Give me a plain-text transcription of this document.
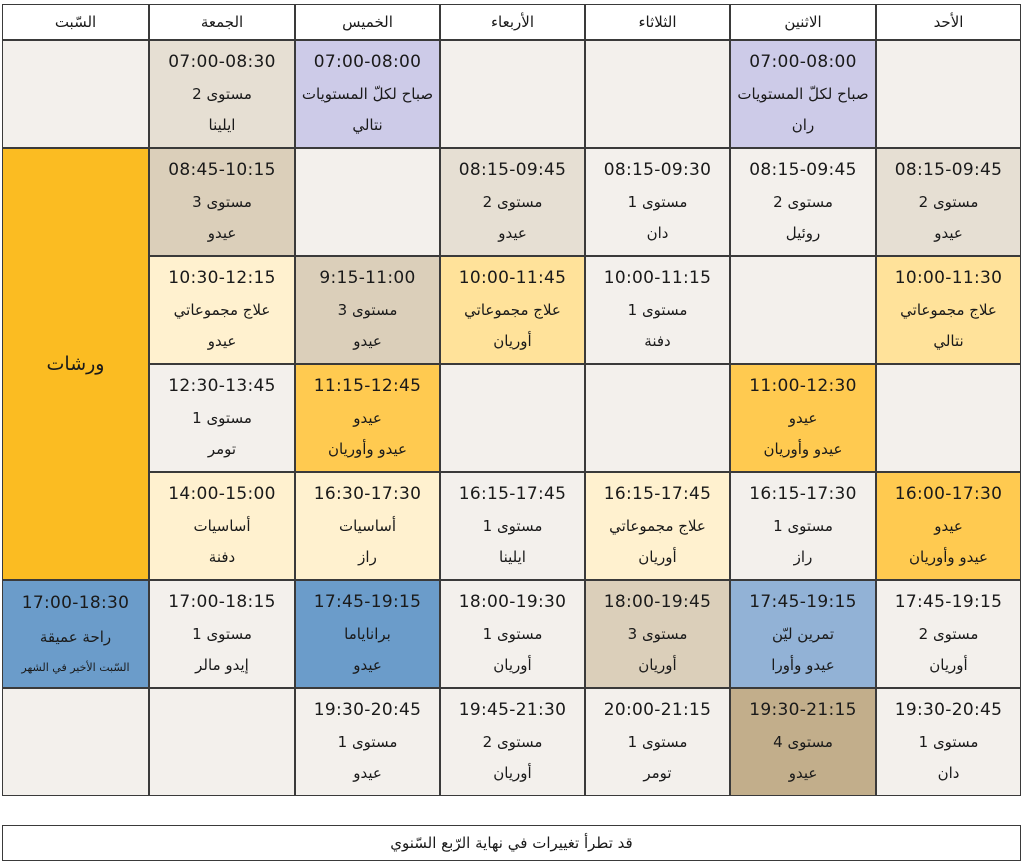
الأحد
الاثنين
الثلاثاء
الأربعاء
الخميس
الجمعة
السّبت
07:00-08:00
صباح لكلّ المستويات
ران
07:00-08:00
صباح لكلّ المستويات
نتالي
07:00-08:30
مستوى 2
ايلينا
08:15-09:45
مستوى 2
عيدو
08:15-09:45
مستوى 2
روئيل
08:15-09:30
مستوى 1
دان
08:15-09:45
مستوى 2
عيدو
08:45-10:15
مستوى 3
عيدو
10:00-11:30
علاج مجموعاتي
نتالي
10:00-11:15
مستوى 1
دفنة
10:00-11:45
علاج مجموعاتي
أوريان
9:15-11:00
مستوى 3
عيدو
10:30-12:15
علاج مجموعاتي
عيدو
11:00-12:30
عيدو
عيدو وأوريان
11:15-12:45
عيدو
عيدو وأوريان
12:30-13:45
مستوى 1
تومر
16:00-17:30
عيدو
عيدو وأوريان
16:15-17:30
مستوى 1
راز
16:15-17:45
علاج مجموعاتي
أوريان
16:15-17:45
مستوى 1
ايلينا
16:30-17:30
أساسيات
راز
14:00-15:00
أساسيات
دفنة
17:45-19:15
مستوى 2
أوريان
17:45-19:15
تمرين ليّن
عيدو وأورا
18:00-19:45
مستوى 3
أوريان
18:00-19:30
مستوى 1
أوريان
17:45-19:15
براناياما
عيدو
17:00-18:15
مستوى 1
إيدو مالر
17:00-18:30
راحة عميقة
السّبت الأخير في الشهر
19:30-20:45
مستوى 1
دان
19:30-21:15
مستوى 4
عيدو
20:00-21:15
مستوى 1
تومر
19:45-21:30
مستوى 2
أوريان
19:30-20:45
مستوى 1
عيدو
ورشات
قد تطرأ تغييرات في نهاية الرّبع السّنوي
